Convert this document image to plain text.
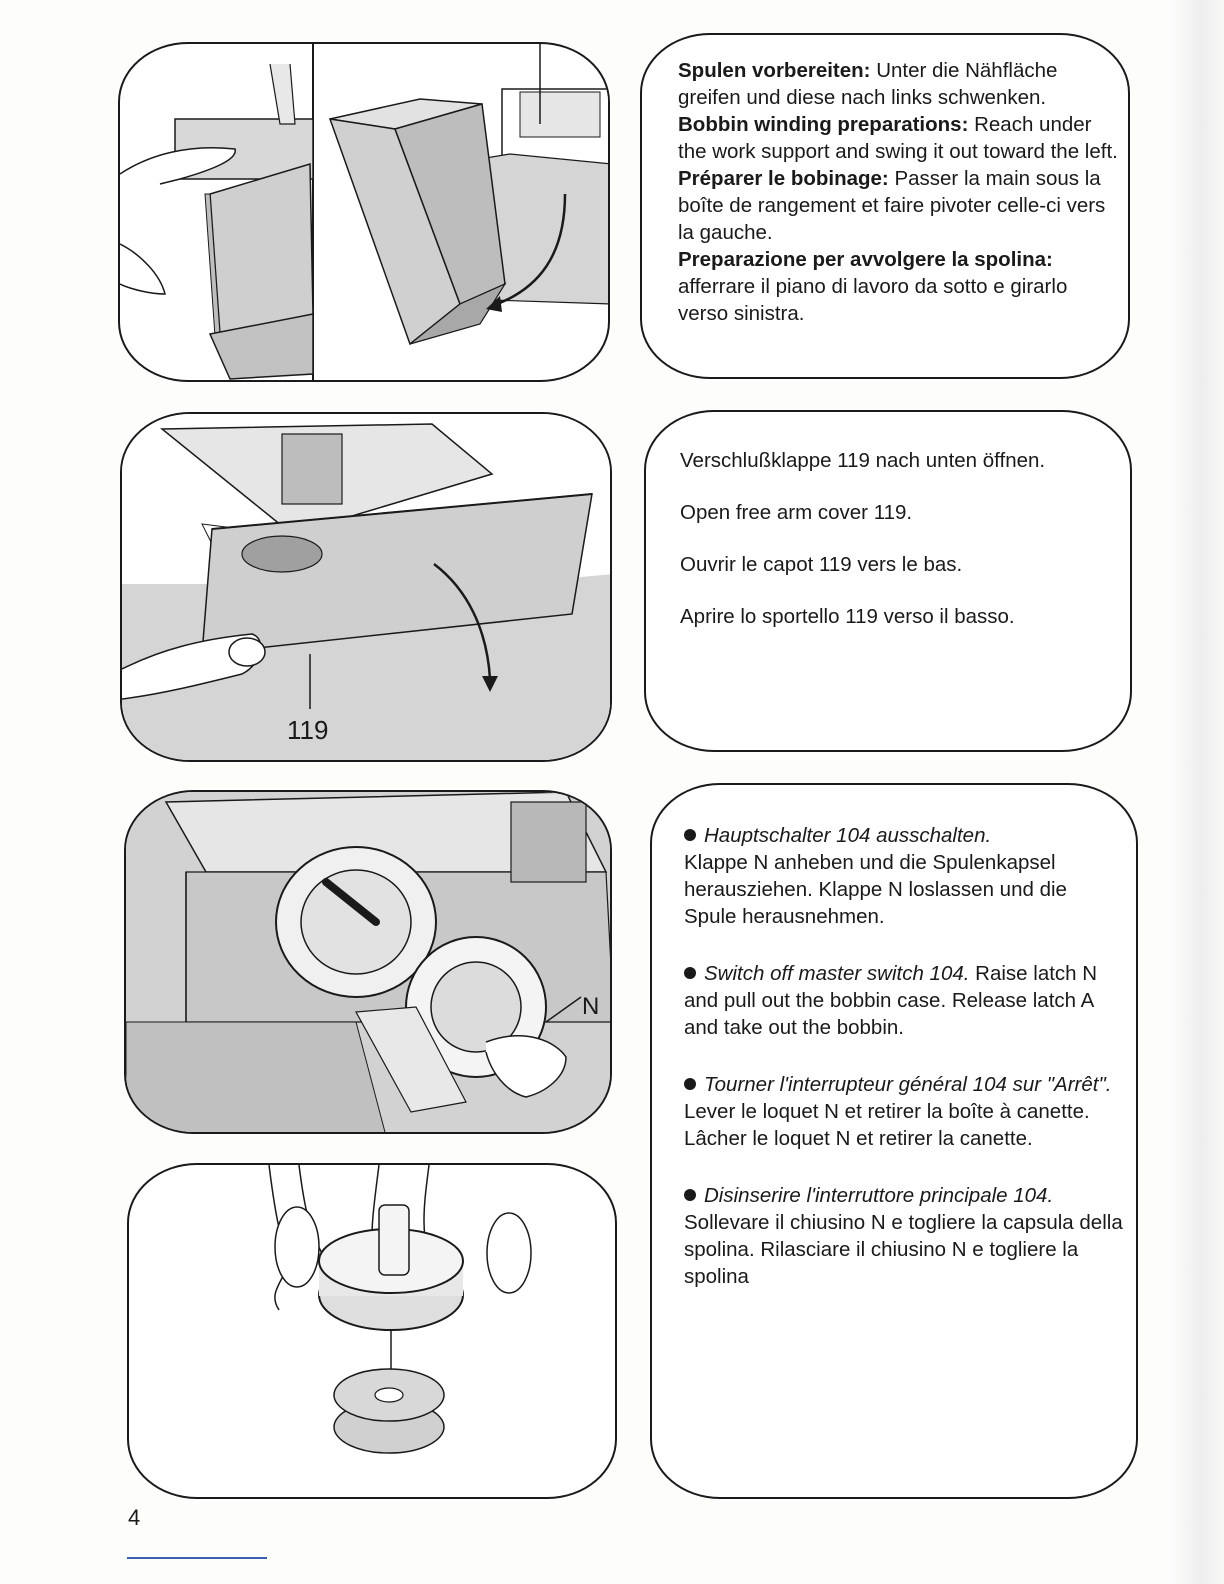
Spulen vorbereiten: Unter die Nähfläche greifen und diese nach links schwenken.

Bobbin winding preparations: Reach under the work support and swing it out toward the left.

Préparer le bobinage: Passer la main sous la boîte de rangement et faire pivoter celle-ci vers la gauche.

Preparazione per avvolgere la spolina: afferrare il piano di lavoro da sotto e girarlo verso sinistra.

119

Verschlußklappe 119 nach unten öffnen.

Open free arm cover 119.

Ouvrir le capot 119 vers le bas.

Aprire lo sportello 119 verso il basso.

N

Hauptschalter 104 ausschalten.
Klappe N anheben und die Spulenkapsel herausziehen. Klappe N loslassen und die Spule herausnehmen.

Switch off master switch 104. Raise latch N and pull out the bobbin case. Release latch A and take out the bobbin.

Tourner l'interrupteur général 104 sur "Arrêt". Lever le loquet N et retirer la boîte à canette. Lâcher le loquet N et retirer la canette.

Disinserire l'interruttore principale 104.
Sollevare il chiusino N e togliere la capsula della spolina. Rilasciare il chiusino N e togliere la spolina

4
